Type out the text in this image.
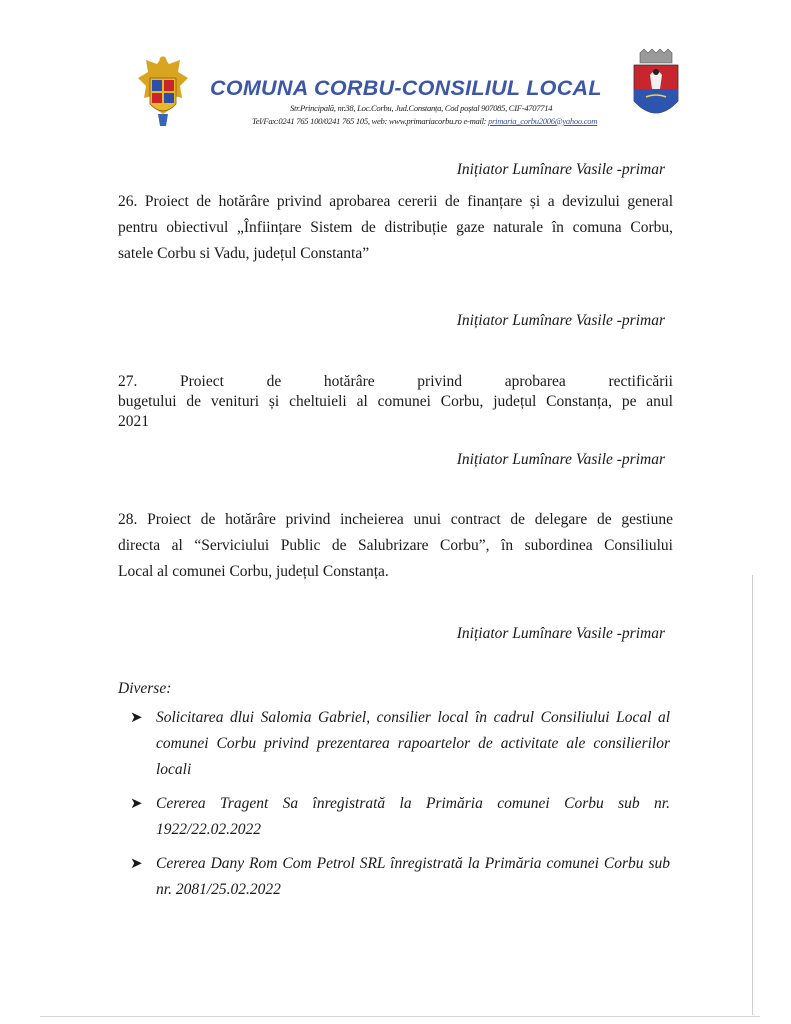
COMUNA CORBU-CONSILIUL LOCAL
Str.Principală, nr.38, Loc.Corbu, Jud.Constanța, Cod poștal 907085, CIF-4707714
Tel/Fax:0241 765 100/0241 765 105, web: www.primariacorbu.ro e-mail: primaria_corbu2006@yahoo.com
Inițiator Lumînare Vasile -primar
26. Proiect de hotărâre privind aprobarea cererii de finanțare și a devizului general
pentru obiectivul „Înființare Sistem de distribuție gaze naturale în comuna Corbu,
satele Corbu si Vadu, județul Constanta”
Inițiator Lumînare Vasile -primar
27. Proiect de hotărâre privind aprobarea rectificării
bugetului de venituri și cheltuieli al comunei Corbu, județul Constanța, pe anul
2021
Inițiator Lumînare Vasile -primar
28. Proiect de hotărâre privind incheierea unui contract de delegare de gestiune
directa al “Serviciului Public de Salubrizare Corbu”, în subordinea Consiliului
Local al comunei Corbu, județul Constanța.
Inițiator Lumînare Vasile -primar
Diverse:
➤ Solicitarea dlui Salomia Gabriel, consilier local în cadrul Consiliului Local al comunei Corbu privind prezentarea rapoartelor de activitate ale consilierilor locali
➤ Cererea Tragent Sa înregistrată la Primăria comunei Corbu sub nr. 1922/22.02.2022
➤ Cererea Dany Rom Com Petrol SRL înregistrată la Primăria comunei Corbu sub nr. 2081/25.02.2022
